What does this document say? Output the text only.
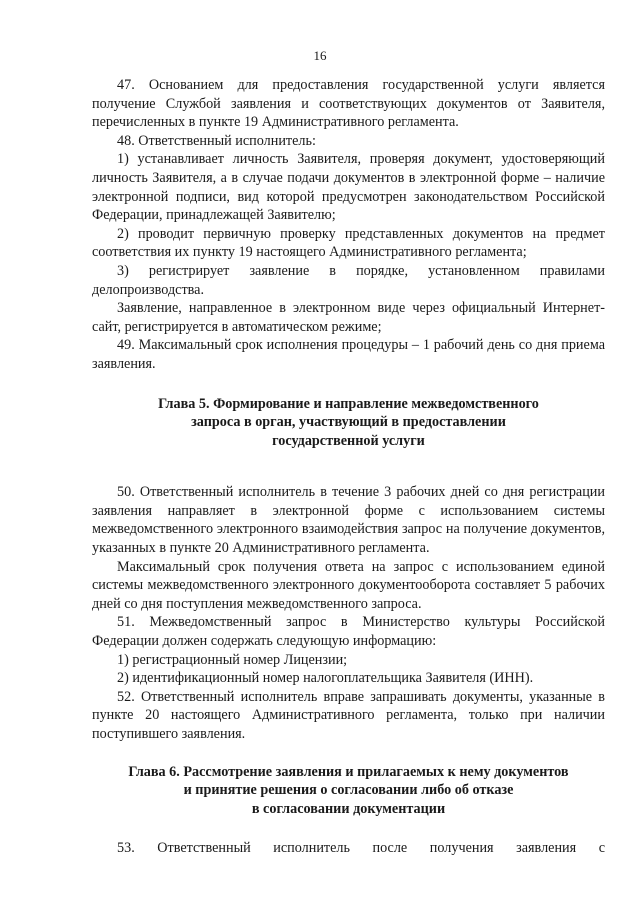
16

47. Основанием для предоставления государственной услуги является получение Службой заявления и соответствующих документов от Заявителя, перечисленных в пункте 19 Административного регламента.

48. Ответственный исполнитель:

1) устанавливает личность Заявителя, проверяя документ, удостоверяющий личность Заявителя, а в случае подачи документов в электронной форме – наличие электронной подписи, вид которой предусмотрен законодательством Российской Федерации, принадлежащей Заявителю;

2) проводит первичную проверку представленных документов на предмет соответствия их пункту 19 настоящего Административного регламента;

3) регистрирует заявление в порядке, установленном правилами делопроизводства.

Заявление, направленное в электронном виде через официальный Интернет-сайт, регистрируется в автоматическом режиме;

49. Максимальный срок исполнения процедуры – 1 рабочий день со дня приема заявления.

Глава 5. Формирование и направление межведомственного
запроса в орган, участвующий в предоставлении
государственной услуги

50. Ответственный исполнитель в течение 3 рабочих дней со дня регистрации заявления направляет в электронной форме с использованием системы межведомственного электронного взаимодействия запрос на получение документов, указанных в пункте 20 Административного регламента.

Максимальный срок получения ответа на запрос с использованием единой системы межведомственного электронного документооборота составляет 5 рабочих дней со дня поступления межведомственного запроса.

51. Межведомственный запрос в Министерство культуры Российской Федерации должен содержать следующую информацию:

1) регистрационный номер Лицензии;

2) идентификационный номер налогоплательщика Заявителя (ИНН).

52. Ответственный исполнитель вправе запрашивать документы, указанные в пункте 20 настоящего Административного регламента, только при наличии поступившего заявления.

Глава 6. Рассмотрение заявления и прилагаемых к нему документов
и принятие решения о согласовании либо об отказе
в согласовании документации

53. Ответственный исполнитель после получения заявления с
